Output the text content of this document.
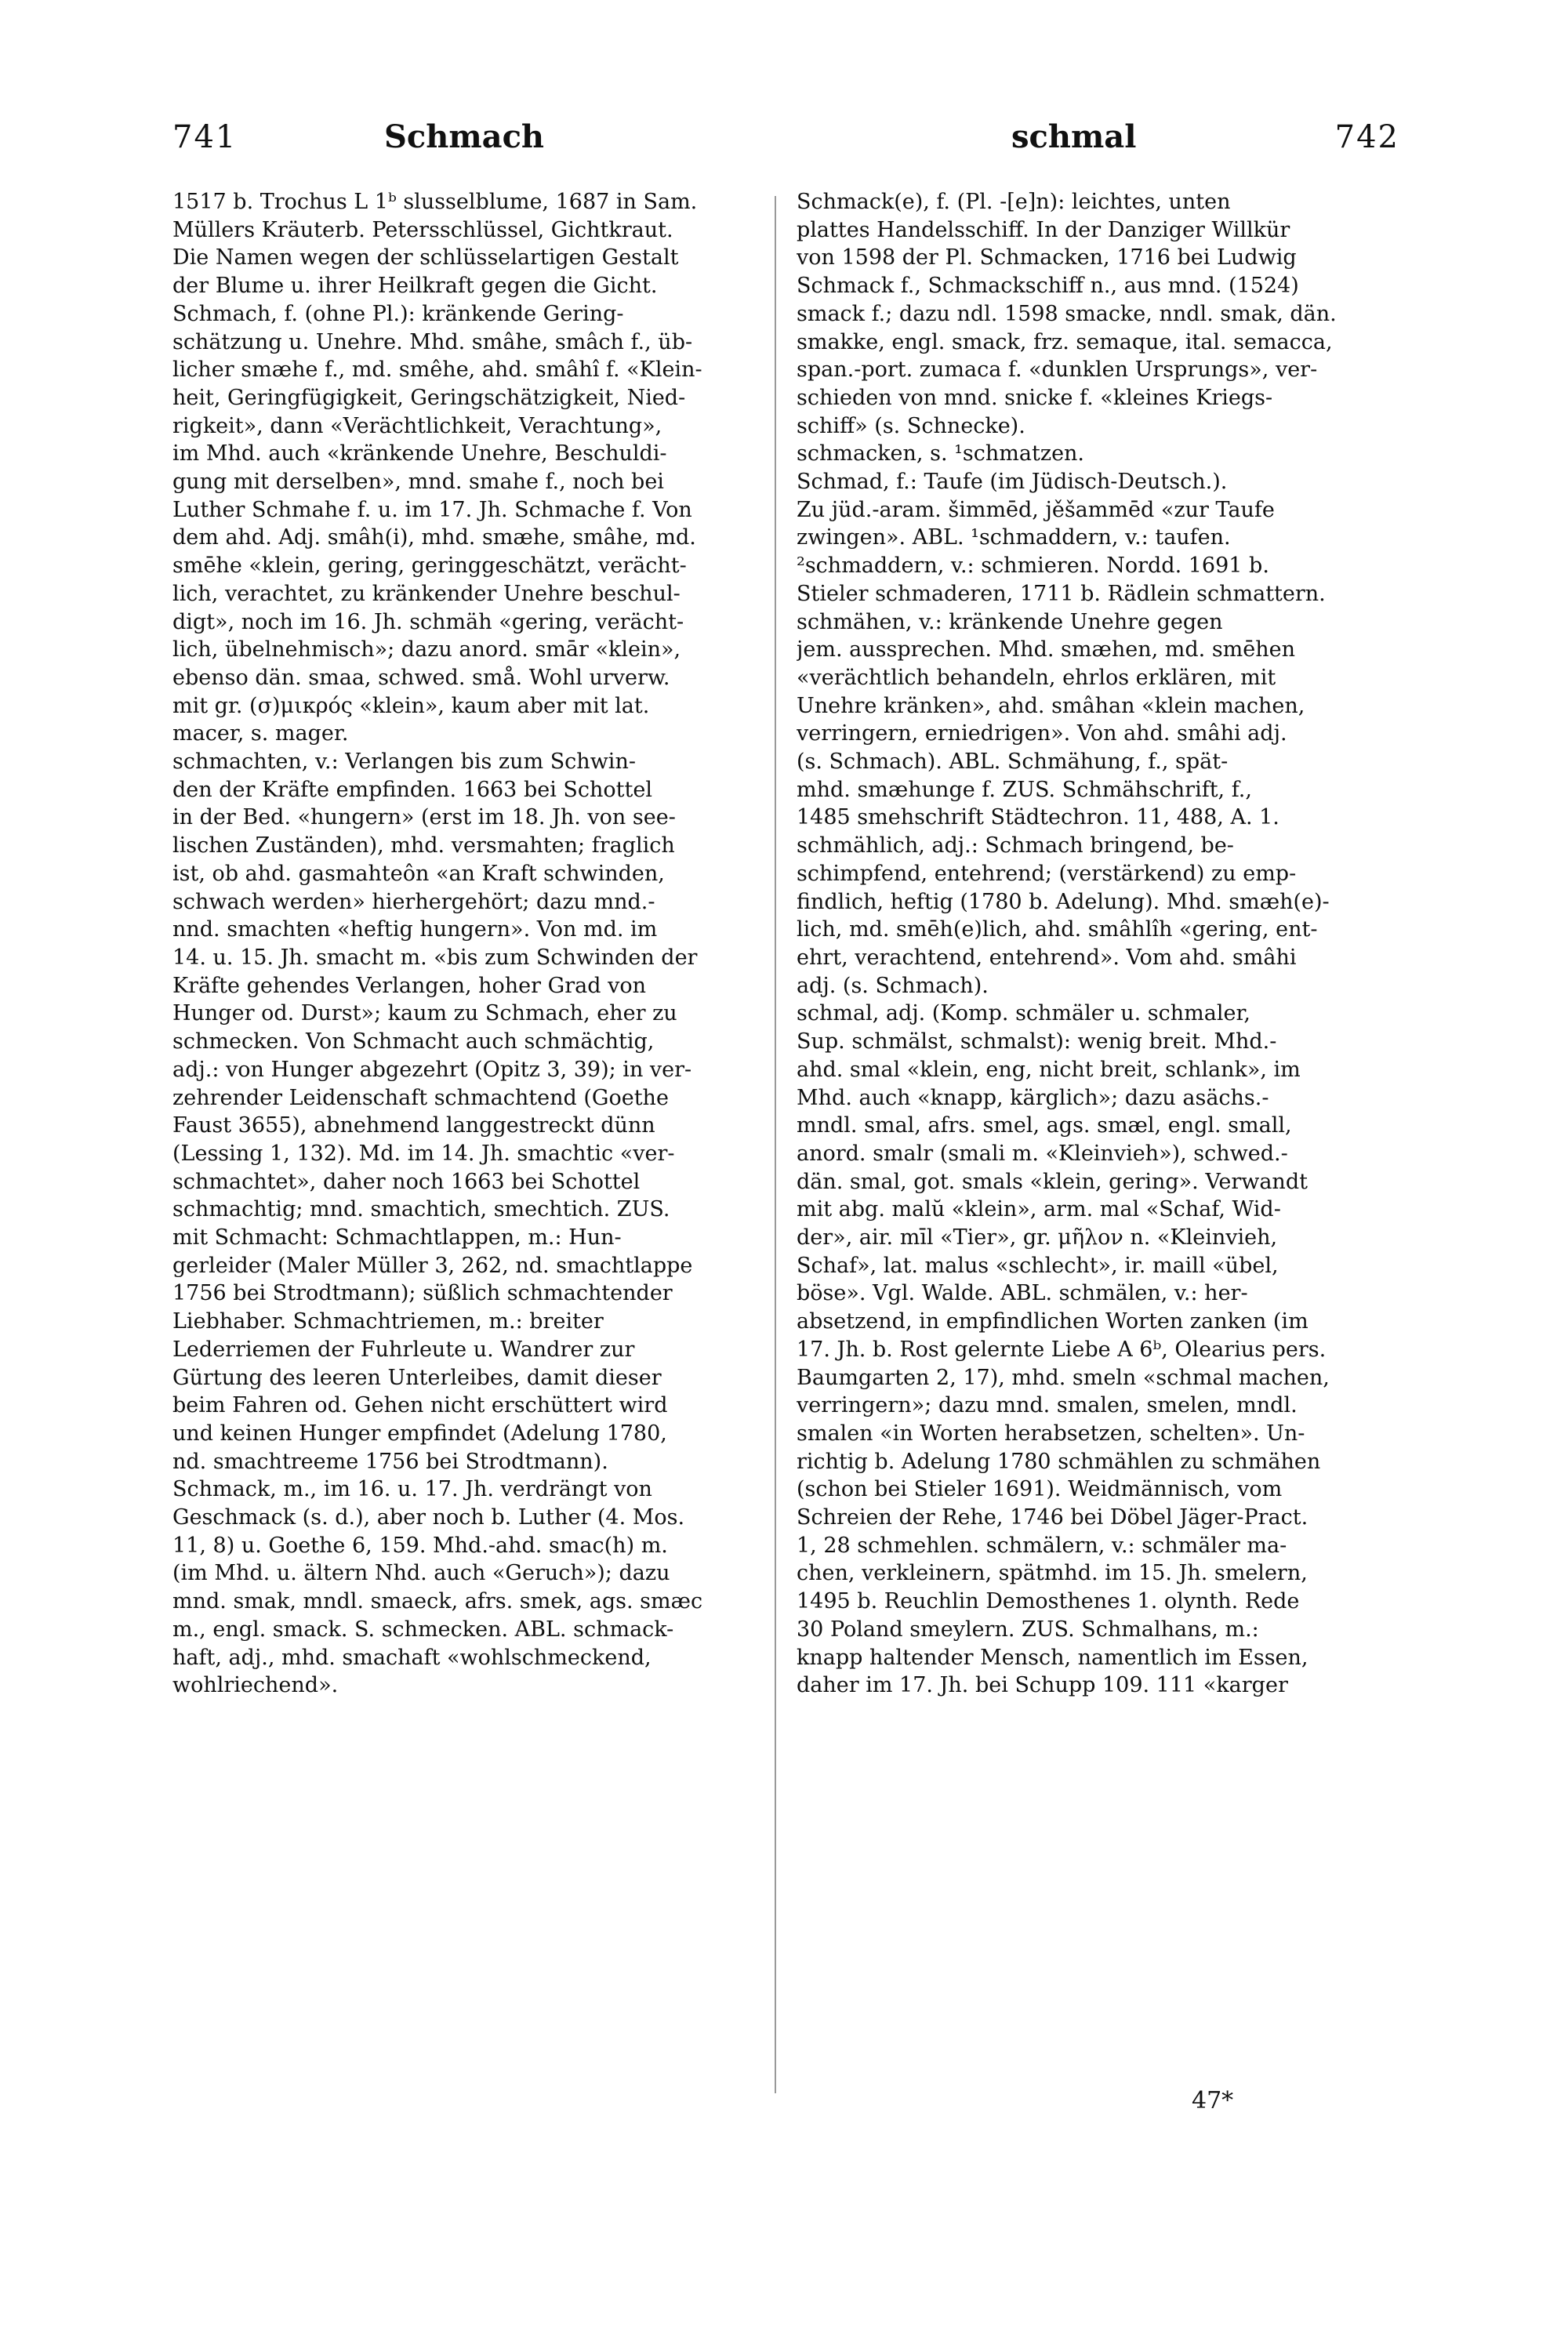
741	Schmach	schmal	742
1517 b. Trochus L 1ᵇ slusselblume, 1687 in Sam.
Müllers Kräuterb. Petersschlüssel, Gichtkraut.
Die Namen wegen der schlüsselartigen Gestalt
der Blume u. ihrer Heilkraft gegen die Gicht.
Schmach, f. (ohne Pl.): kränkende Gering-
schätzung u. Unehre. Mhd. smâhe, smâch f., üb-
licher smæhe f., md. smêhe, ahd. smâhî f. «Klein-
heit, Geringfügigkeit, Geringschätzigkeit, Nied-
rigkeit», dann «Verächtlichkeit, Verachtung»,
im Mhd. auch «kränkende Unehre, Beschuldi-
gung mit derselben», mnd. smahe f., noch bei
Luther Schmahe f. u. im 17. Jh. Schmache f. Von
dem ahd. Adj. smâh(i), mhd. smæhe, smâhe, md.
smēhe «klein, gering, geringgeschätzt, verächt-
lich, verachtet, zu kränkender Unehre beschul-
digt», noch im 16. Jh. schmäh «gering, verächt-
lich, übelnehmisch»; dazu anord. smār «klein»,
ebenso dän. smaa, schwed. små. Wohl urverw.
mit gr. (σ)μικρός «klein», kaum aber mit lat.
macer, s. mager.
schmachten, v.: Verlangen bis zum Schwin-
den der Kräfte empfinden. 1663 bei Schottel
in der Bed. «hungern» (erst im 18. Jh. von see-
lischen Zuständen), mhd. versmahten; fraglich
ist, ob ahd. gasmahteôn «an Kraft schwinden,
schwach werden» hierhergehört; dazu mnd.-
nnd. smachten «heftig hungern». Von md. im
14. u. 15. Jh. smacht m. «bis zum Schwinden der
Kräfte gehendes Verlangen, hoher Grad von
Hunger od. Durst»; kaum zu Schmach, eher zu
schmecken. Von Schmacht auch schmächtig,
adj.: von Hunger abgezehrt (Opitz 3, 39); in ver-
zehrender Leidenschaft schmachtend (Goethe
Faust 3655), abnehmend langgestreckt dünn
(Lessing 1, 132). Md. im 14. Jh. smachtic «ver-
schmachtet», daher noch 1663 bei Schottel
schmachtig; mnd. smachtich, smechtich. ZUS.
mit Schmacht: Schmachtlappen, m.: Hun-
gerleider (Maler Müller 3, 262, nd. smachtlappe
1756 bei Strodtmann); süßlich schmachtender
Liebhaber. Schmachtriemen, m.: breiter
Lederriemen der Fuhrleute u. Wandrer zur
Gürtung des leeren Unterleibes, damit dieser
beim Fahren od. Gehen nicht erschüttert wird
und keinen Hunger empfindet (Adelung 1780,
nd. smachtreeme 1756 bei Strodtmann).
Schmack, m., im 16. u. 17. Jh. verdrängt von
Geschmack (s. d.), aber noch b. Luther (4. Mos.
11, 8) u. Goethe 6, 159. Mhd.-ahd. smac(h) m.
(im Mhd. u. ältern Nhd. auch «Geruch»); dazu
mnd. smak, mndl. smaeck, afrs. smek, ags. smæc
m., engl. smack. S. schmecken. ABL. schmack-
haft, adj., mhd. smachaft «wohlschmeckend,
wohlriechend».
Schmack(e), f. (Pl. -[e]n): leichtes, unten
plattes Handelsschiff. In der Danziger Willkür
von 1598 der Pl. Schmacken, 1716 bei Ludwig
Schmack f., Schmackschiff n., aus mnd. (1524)
smack f.; dazu ndl. 1598 smacke, nndl. smak, dän.
smakke, engl. smack, frz. semaque, ital. semacca,
span.-port. zumaca f. «dunklen Ursprungs», ver-
schieden von mnd. snicke f. «kleines Kriegs-
schiff» (s. Schnecke).
schmacken, s. ¹schmatzen.
Schmad, f.: Taufe (im Jüdisch-Deutsch.).
Zu jüd.-aram. šimmēd, jěšammēd «zur Taufe
zwingen». ABL. ¹schmaddern, v.: taufen.
²schmaddern, v.: schmieren. Nordd. 1691 b.
Stieler schmaderen, 1711 b. Rädlein schmattern.
schmähen, v.: kränkende Unehre gegen
jem. aussprechen. Mhd. smæhen, md. smēhen
«verächtlich behandeln, ehrlos erklären, mit
Unehre kränken», ahd. smâhan «klein machen,
verringern, erniedrigen». Von ahd. smâhi adj.
(s. Schmach). ABL. Schmähung, f., spät-
mhd. smæhunge f. ZUS. Schmähschrift, f.,
1485 smehschrift Städtechron. 11, 488, A. 1.
schmählich, adj.: Schmach bringend, be-
schimpfend, entehrend; (verstärkend) zu emp-
findlich, heftig (1780 b. Adelung). Mhd. smæh(e)-
lich, md. smēh(e)lich, ahd. smâhlîh «gering, ent-
ehrt, verachtend, entehrend». Vom ahd. smâhi
adj. (s. Schmach).
schmal, adj. (Komp. schmäler u. schmaler,
Sup. schmälst, schmalst): wenig breit. Mhd.-
ahd. smal «klein, eng, nicht breit, schlank», im
Mhd. auch «knapp, kärglich»; dazu asächs.-
mndl. smal, afrs. smel, ags. smæl, engl. small,
anord. smalr (smali m. «Kleinvieh»), schwed.-
dän. smal, got. smals «klein, gering». Verwandt
mit abg. malŭ «klein», arm. mal «Schaf, Wid-
der», air. mīl «Tier», gr. μῆλον n. «Kleinvieh,
Schaf», lat. malus «schlecht», ir. maill «übel,
böse». Vgl. Walde. ABL. schmälen, v.: her-
absetzend, in empfindlichen Worten zanken (im
17. Jh. b. Rost gelernte Liebe A 6ᵇ, Olearius pers.
Baumgarten 2, 17), mhd. smeln «schmal machen,
verringern»; dazu mnd. smalen, smelen, mndl.
smalen «in Worten herabsetzen, schelten». Un-
richtig b. Adelung 1780 schmählen zu schmähen
(schon bei Stieler 1691). Weidmännisch, vom
Schreien der Rehe, 1746 bei Döbel Jäger-Pract.
1, 28 schmehlen. schmälern, v.: schmäler ma-
chen, verkleinern, spätmhd. im 15. Jh. smelern,
1495 b. Reuchlin Demosthenes 1. olynth. Rede
30 Poland smeylern. ZUS. Schmalhans, m.:
knapp haltender Mensch, namentlich im Essen,
daher im 17. Jh. bei Schupp 109. 111 «karger
47*
